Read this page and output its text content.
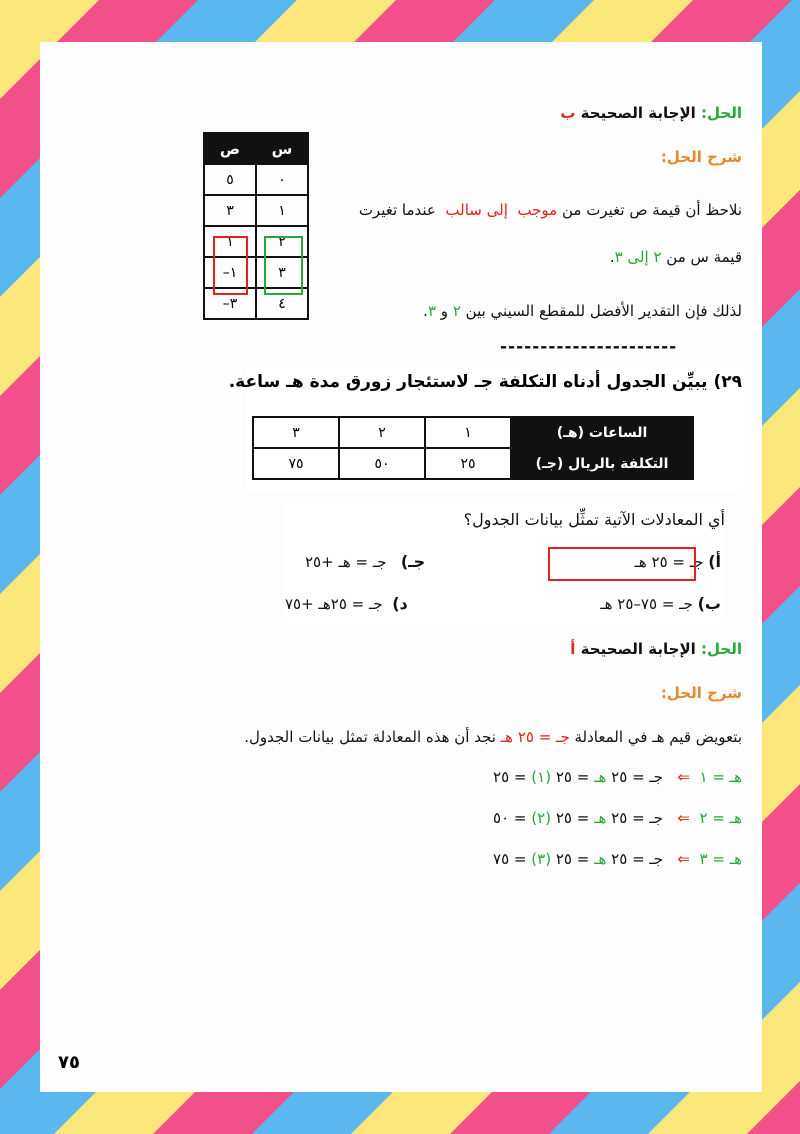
الحل: الإجابة الصحيحة ب
شرح الحل:
نلاحظ أن قيمة ص تغيرت من موجب  إلى سالب  عندما تغيرت
قيمة س من ٢ إلى ٣.
لذلك فإن التقدير الأفضل للمقطع السيني بين ٢ و ٣.
س	ص
٠	٥
١	٣
٢	١
٣	١–
٤	٣–
----------------------
٢٩) يبيِّن الجدول أدناه التكلفة جـ لاستئجار زورق مدة هـ ساعة.
الساعات (هـ)	١	٢	٣
التكلفة بالريال (جـ)	٢٥	٥٠	٧٥
أي المعادلات الآتية تمثِّل بيانات الجدول؟
أ) جـ = ٢٥ هـ
جـ)   جـ = هـ +٢٥
ب) جـ = ٧٥–٢٥ هـ
د)  جـ = ٢٥هـ +٧٥
الحل: الإجابة الصحيحة أ
شرح الحل:
بتعويض قيم هـ في المعادلة جـ = ٢٥ هـ نجد أن هذه المعادلة تمثل بيانات الجدول.
هـ = ١  ⇐   جـ = ٢٥ هـ = ٢٥ (١) = ٢٥
هـ = ٢  ⇐   جـ = ٢٥ هـ = ٢٥ (٢) = ٥٠
هـ = ٣  ⇐   جـ = ٢٥ هـ = ٢٥ (٣) = ٧٥
٧٥
